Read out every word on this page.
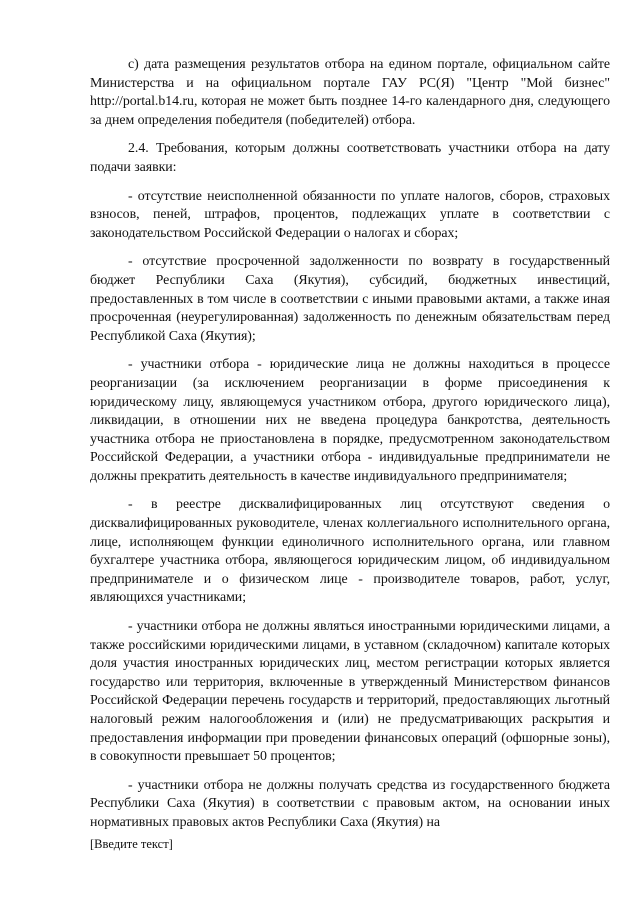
с) дата размещения результатов отбора на едином портале, официальном сайте Министерства и на официальном портале ГАУ РС(Я) "Центр "Мой бизнес" http://portal.b14.ru, которая не может быть позднее 14-го календарного дня, следующего за днем определения победителя (победителей) отбора.

2.4. Требования, которым должны соответствовать участники отбора на дату подачи заявки:

- отсутствие неисполненной обязанности по уплате налогов, сборов, страховых взносов, пеней, штрафов, процентов, подлежащих уплате в соответствии с законодательством Российской Федерации о налогах и сборах;

- отсутствие просроченной задолженности по возврату в государственный бюджет Республики Саха (Якутия), субсидий, бюджетных инвестиций, предоставленных в том числе в соответствии с иными правовыми актами, а также иная просроченная (неурегулированная) задолженность по денежным обязательствам перед Республикой Саха (Якутия);

- участники отбора - юридические лица не должны находиться в процессе реорганизации (за исключением реорганизации в форме присоединения к юридическому лицу, являющемуся участником отбора, другого юридического лица), ликвидации, в отношении них не введена процедура банкротства, деятельность участника отбора не приостановлена в порядке, предусмотренном законодательством Российской Федерации, а участники отбора - индивидуальные предприниматели не должны прекратить деятельность в качестве индивидуального предпринимателя;

- в реестре дисквалифицированных лиц отсутствуют сведения о дисквалифицированных руководителе, членах коллегиального исполнительного органа, лице, исполняющем функции единоличного исполнительного органа, или главном бухгалтере участника отбора, являющегося юридическим лицом, об индивидуальном предпринимателе и о физическом лице - производителе товаров, работ, услуг, являющихся участниками;

- участники отбора не должны являться иностранными юридическими лицами, а также российскими юридическими лицами, в уставном (складочном) капитале которых доля участия иностранных юридических лиц, местом регистрации которых является государство или территория, включенные в утвержденный Министерством финансов Российской Федерации перечень государств и территорий, предоставляющих льготный налоговый режим налогообложения и (или) не предусматривающих раскрытия и предоставления информации при проведении финансовых операций (офшорные зоны), в совокупности превышает 50 процентов;

- участники отбора не должны получать средства из государственного бюджета Республики Саха (Якутия) в соответствии с правовым актом, на основании иных нормативных правовых актов Республики Саха (Якутия) на

[Введите текст]
